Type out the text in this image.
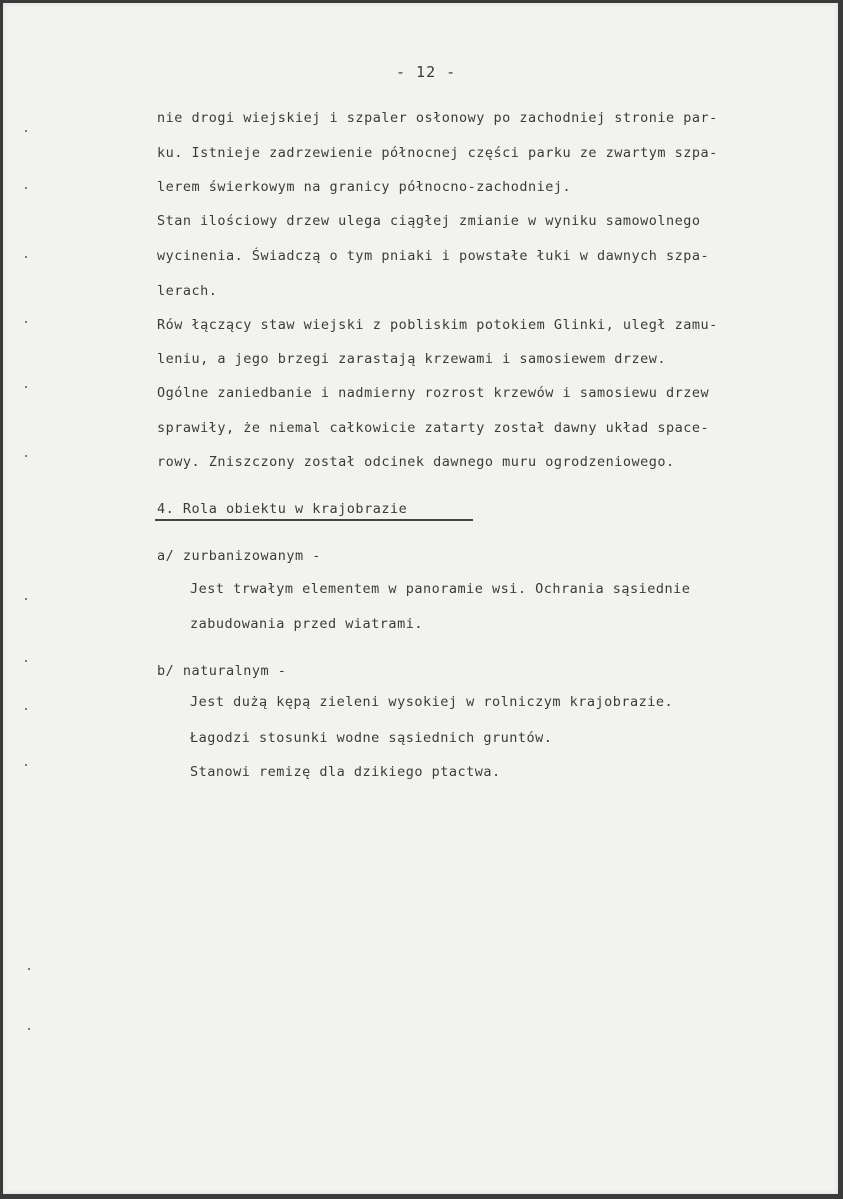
- 12 -
nie drogi wiejskiej i szpaler osłonowy po zachodniej stronie par-
ku. Istnieje zadrzewienie północnej części parku ze zwartym szpa-
lerem świerkowym na granicy północno-zachodniej.
Stan ilościowy drzew ulega ciągłej zmianie w wyniku samowolnego
wycinenia. Świadczą o tym pniaki i powstałe łuki w dawnych szpa-
lerach.
Rów łączący staw wiejski z pobliskim potokiem Glinki, uległ zamu-
leniu, a jego brzegi zarastają krzewami i samosiewem drzew.
Ogólne zaniedbanie i nadmierny rozrost krzewów i samosiewu drzew
sprawiły, że niemal całkowicie zatarty został dawny układ spacе-
rowy. Zniszczony został odcinek dawnego muru ogrodzeniowego.
4. Rola obiektu w krajobrazie
a/ zurbanizowanym -
Jest trwałym elementem w panoramie wsi. Ochrania sąsiednie
zabudowania przed wiatrami.
b/ naturalnym -
Jest dużą kępą zieleni wysokiej w rolniczym krajobrazie.
Łagodzi stosunki wodne sąsiednich gruntów.
Stanowi remizę dla dzikiego ptactwa.
